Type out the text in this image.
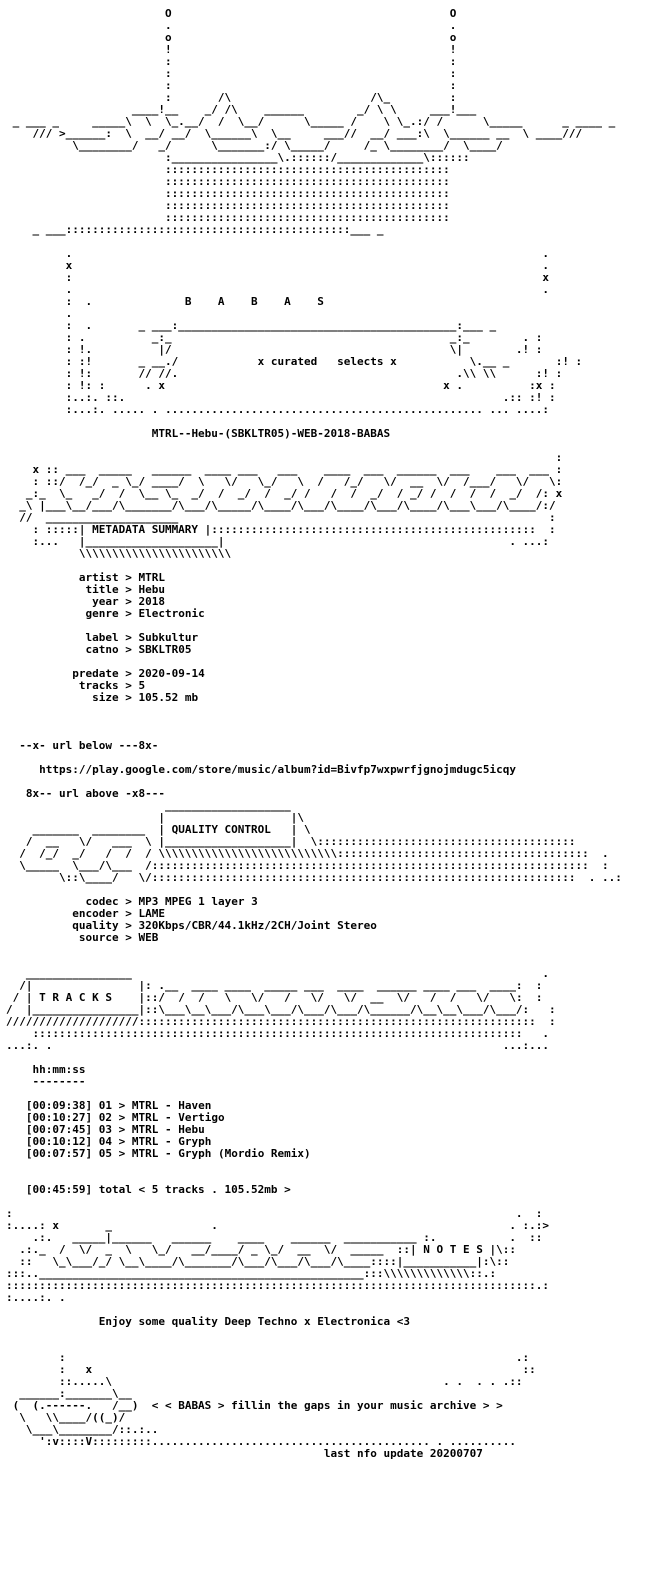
O                                          O
.                                          .
o                                          o
!                                          !
:                                          :
:                                          :
:                                          :
:       /\                     /\_         :
____!__    _/ /\    ______        _/ \ \     ___!___
_ ___ _     _____\  \  \_.__/  /  \__/      \_____ /    \ \_.:/ /      \_____      _ ____ _
/// >______:  \  __/ __/  \______\  \__     ___//  __/ ___:\  \______ __  \ ____///
\________/   _/      \_______:/ \_____/     /_ \________/  \____/
:________________\.::::::/_____________\::::::
:::::::::::::::::::::::::::::::::::::::::::
:::::::::::::::::::::::::::::::::::::::::::
:::::::::::::::::::::::::::::::::::::::::::
:::::::::::::::::::::::::::::::::::::::::::
:::::::::::::::::::::::::::::::::::::::::::
_ ___:::::::::::::::::::::::::::::::::::::::::::___ _

.                                                                       .
x                                                                       .
:                                                                       x
.                                                                       .
:  .	B    A    B    A    S
.
:  .       _ ___:__________________________________________:___ _
: .          _:_                                          _:_        . :
: !.          |/                                          \|        .! :
: :!       _ __./	x curated   selects x	\.__ _       :! :
: !:       // //.                                          .\\ \\      :! :
: !: :      . x                                          x .          :x :
:..:. ::.                                                         .:: :! :
:...:. ..... . ................................................ ... ....:

MTRL--Hebu-(SBKLTR05)-WEB-2018-BABAS

:
x :: ___  _____   ______  ____ ___   ___    ____  ___  ______  ___    ___  ___ :
: ::/  /_/  _ \_/ ____/  \   \/   \_/   \  /   /_/   \/  __  \/  /___/   \/   \:
_:_  \_   _/  /  \__ \_  _/  /  _/  /  _/ /   /  /  _/  / _/ /  /  /  /  _/  /: x
_\ |___\__/___/\_______/\___/\_____/\____/\___/\____/\___/\____/\___\___/\____/:/
//  ____________________                                                        :
: :::::| METADATA SUMMARY |:::::::::::::::::::::::::::::::::::::::::::::::::  :
:...   |____________________|                                           . ...:
\\\\\\\\\\\\\\\\\\\\\\\

artist > MTRL
title > Hebu
year > 2018
genre > Electronic

label > Subkultur
catno > SBKLTR05

predate > 2020-09-14
tracks > 5
size > 105.52 mb

--x- url below ---8x-

https://play.google.com/store/music/album?id=Bivfp7wxpwrfjgnojmdugc5icqy

8x-- url above -x8---
___________________
|                   |\
_______  ________  | QUALITY CONTROL   | \
/  __   \/   ___  \ |___________________|  \:::::::::::::::::::::::::::::::::::::::
/  /_/  _/   /  /  / \\\\\\\\\\\\\\\\\\\\\\\\\\\::::::::::::::::::::::::::::::::::::::  .
\_____  \___/\___  /::::::::::::::::::::::::::::::::::::::::::::::::::::::::::::::::::  :
\::\____/   \/::::::::::::::::::::::::::::::::::::::::::::::::::::::::::::::::  . ..:

codec > MP3 MPEG 1 layer 3
encoder > LAME
quality > 320Kbps/CBR/44.1kHz/2CH/Joint Stereo
source > WEB

________________                                                              .
/|                |: .__  ____ ____  _____ ___  ____  ______ ____ ___  ____:  :
/ | T R A C K S    |::/  /  /   \   \/   /   \/   \/  __  \/   /  /   \/   \:  :
/  |________________|::\___\__\___/\___\___/\___/\___/\______/\__\__\___/\___/:   :
////////////////////::::::::::::::::::::::::::::::::::::::::::::::::::::::::::::  :
::::::::::::::::::::::::::::::::::::::::::::::::::::::::::::::::::::::::::   .
...:. .                                                                    ...:...

hh:mm:ss
--------

[00:09:38] 01 > MTRL - Haven
[00:10:27] 02 > MTRL - Vertigo
[00:07:45] 03 > MTRL - Hebu
[00:10:12] 04 > MTRL - Gryph
[00:07:57] 05 > MTRL - Gryph (Mordio Remix)

[00:45:59] total < 5 tracks . 105.52mb >

:                                                                            .  :
:....: x       _               .                                            . :.:>
.:.   _____|______   ______    ____    ______  ___________ :.           .  ::
.:._  /  \/  _  \   \_/   __/____/ _ \_/  __  \/  _____  ::| N O T E S |\::
::   \_\___/_/ \__\____/\_______/\___/\___/\___/\____::::|___________|:\::
:::.._________________________________________________:::\\\\\\\\\\\\\::.:
::::::::::::::::::::::::::::::::::::::::::::::::::::::::::::::::::::::::::::::::.:
:....:. .

Enjoy some quality Deep Techno x Electronica <3

:                                                                    .:
:   x                                                                 ::
::.....\                                                  . .  . . .::
______:_______\__
(  (.------.   /__)  < < BABAS > fillin the gaps in your music archive > >
\   \\____/((_)/
\___\________/::.:..
':v::::V:::::::::.......................................... . ..........
last nfo update 20200707
